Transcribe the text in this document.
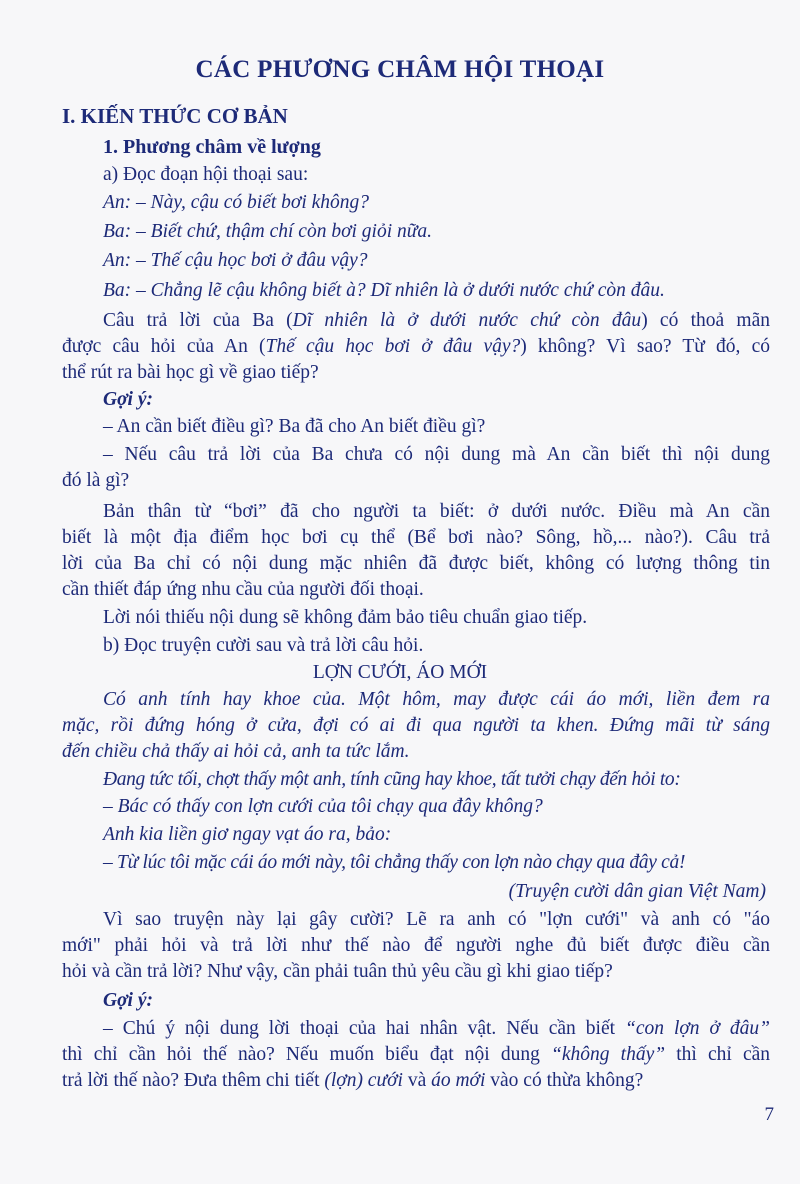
CÁC PHƯƠNG CHÂM HỘI THOẠI
I. KIẾN THỨC CƠ BẢN
1. Phương châm về lượng
a) Đọc đoạn hội thoại sau:
An: – Này, cậu có biết bơi không?
Ba: – Biết chứ, thậm chí còn bơi giỏi nữa.
An: – Thế cậu học bơi ở đâu vậy?
Ba: – Chẳng lẽ cậu không biết à? Dĩ nhiên là ở dưới nước chứ còn đâu.
Câu trả lời của Ba (Dĩ nhiên là ở dưới nước chứ còn đâu) có thoả mãn
được câu hỏi của An (Thế cậu học bơi ở đâu vậy?) không? Vì sao? Từ đó, có
thể rút ra bài học gì về giao tiếp?
Gợi ý:
– An cần biết điều gì? Ba đã cho An biết điều gì?
– Nếu câu trả lời của Ba chưa có nội dung mà An cần biết thì nội dung
đó là gì?
Bản thân từ “bơi” đã cho người ta biết: ở dưới nước. Điều mà An cần
biết là một địa điểm học bơi cụ thể (Bể bơi nào? Sông, hồ,... nào?). Câu trả
lời của Ba chỉ có nội dung mặc nhiên đã được biết, không có lượng thông tin
cần thiết đáp ứng nhu cầu của người đối thoại.
Lời nói thiếu nội dung sẽ không đảm bảo tiêu chuẩn giao tiếp.
b) Đọc truyện cười sau và trả lời câu hỏi.
LỢN CƯỚI, ÁO MỚI
Có anh tính hay khoe của. Một hôm, may được cái áo mới, liền đem ra
mặc, rồi đứng hóng ở cửa, đợi có ai đi qua người ta khen. Đứng mãi từ sáng
đến chiều chả thấy ai hỏi cả, anh ta tức lắm.
Đang tức tối, chợt thấy một anh, tính cũng hay khoe, tất tưởi chạy đến hỏi to:
– Bác có thấy con lợn cưới của tôi chạy qua đây không?
Anh kia liền giơ ngay vạt áo ra, bảo:
– Từ lúc tôi mặc cái áo mới này, tôi chẳng thấy con lợn nào chạy qua đây cả!
(Truyện cười dân gian Việt Nam)
Vì sao truyện này lại gây cười? Lẽ ra anh có "lợn cưới" và anh có "áo
mới" phải hỏi và trả lời như thế nào để người nghe đủ biết được điều cần
hỏi và cần trả lời? Như vậy, cần phải tuân thủ yêu cầu gì khi giao tiếp?
Gợi ý:
– Chú ý nội dung lời thoại của hai nhân vật. Nếu cần biết “con lợn ở đâu”
thì chỉ cần hỏi thế nào? Nếu muốn biểu đạt nội dung “không thấy” thì chỉ cần
trả lời thế nào? Đưa thêm chi tiết (lợn) cưới và áo mới vào có thừa không?
7
